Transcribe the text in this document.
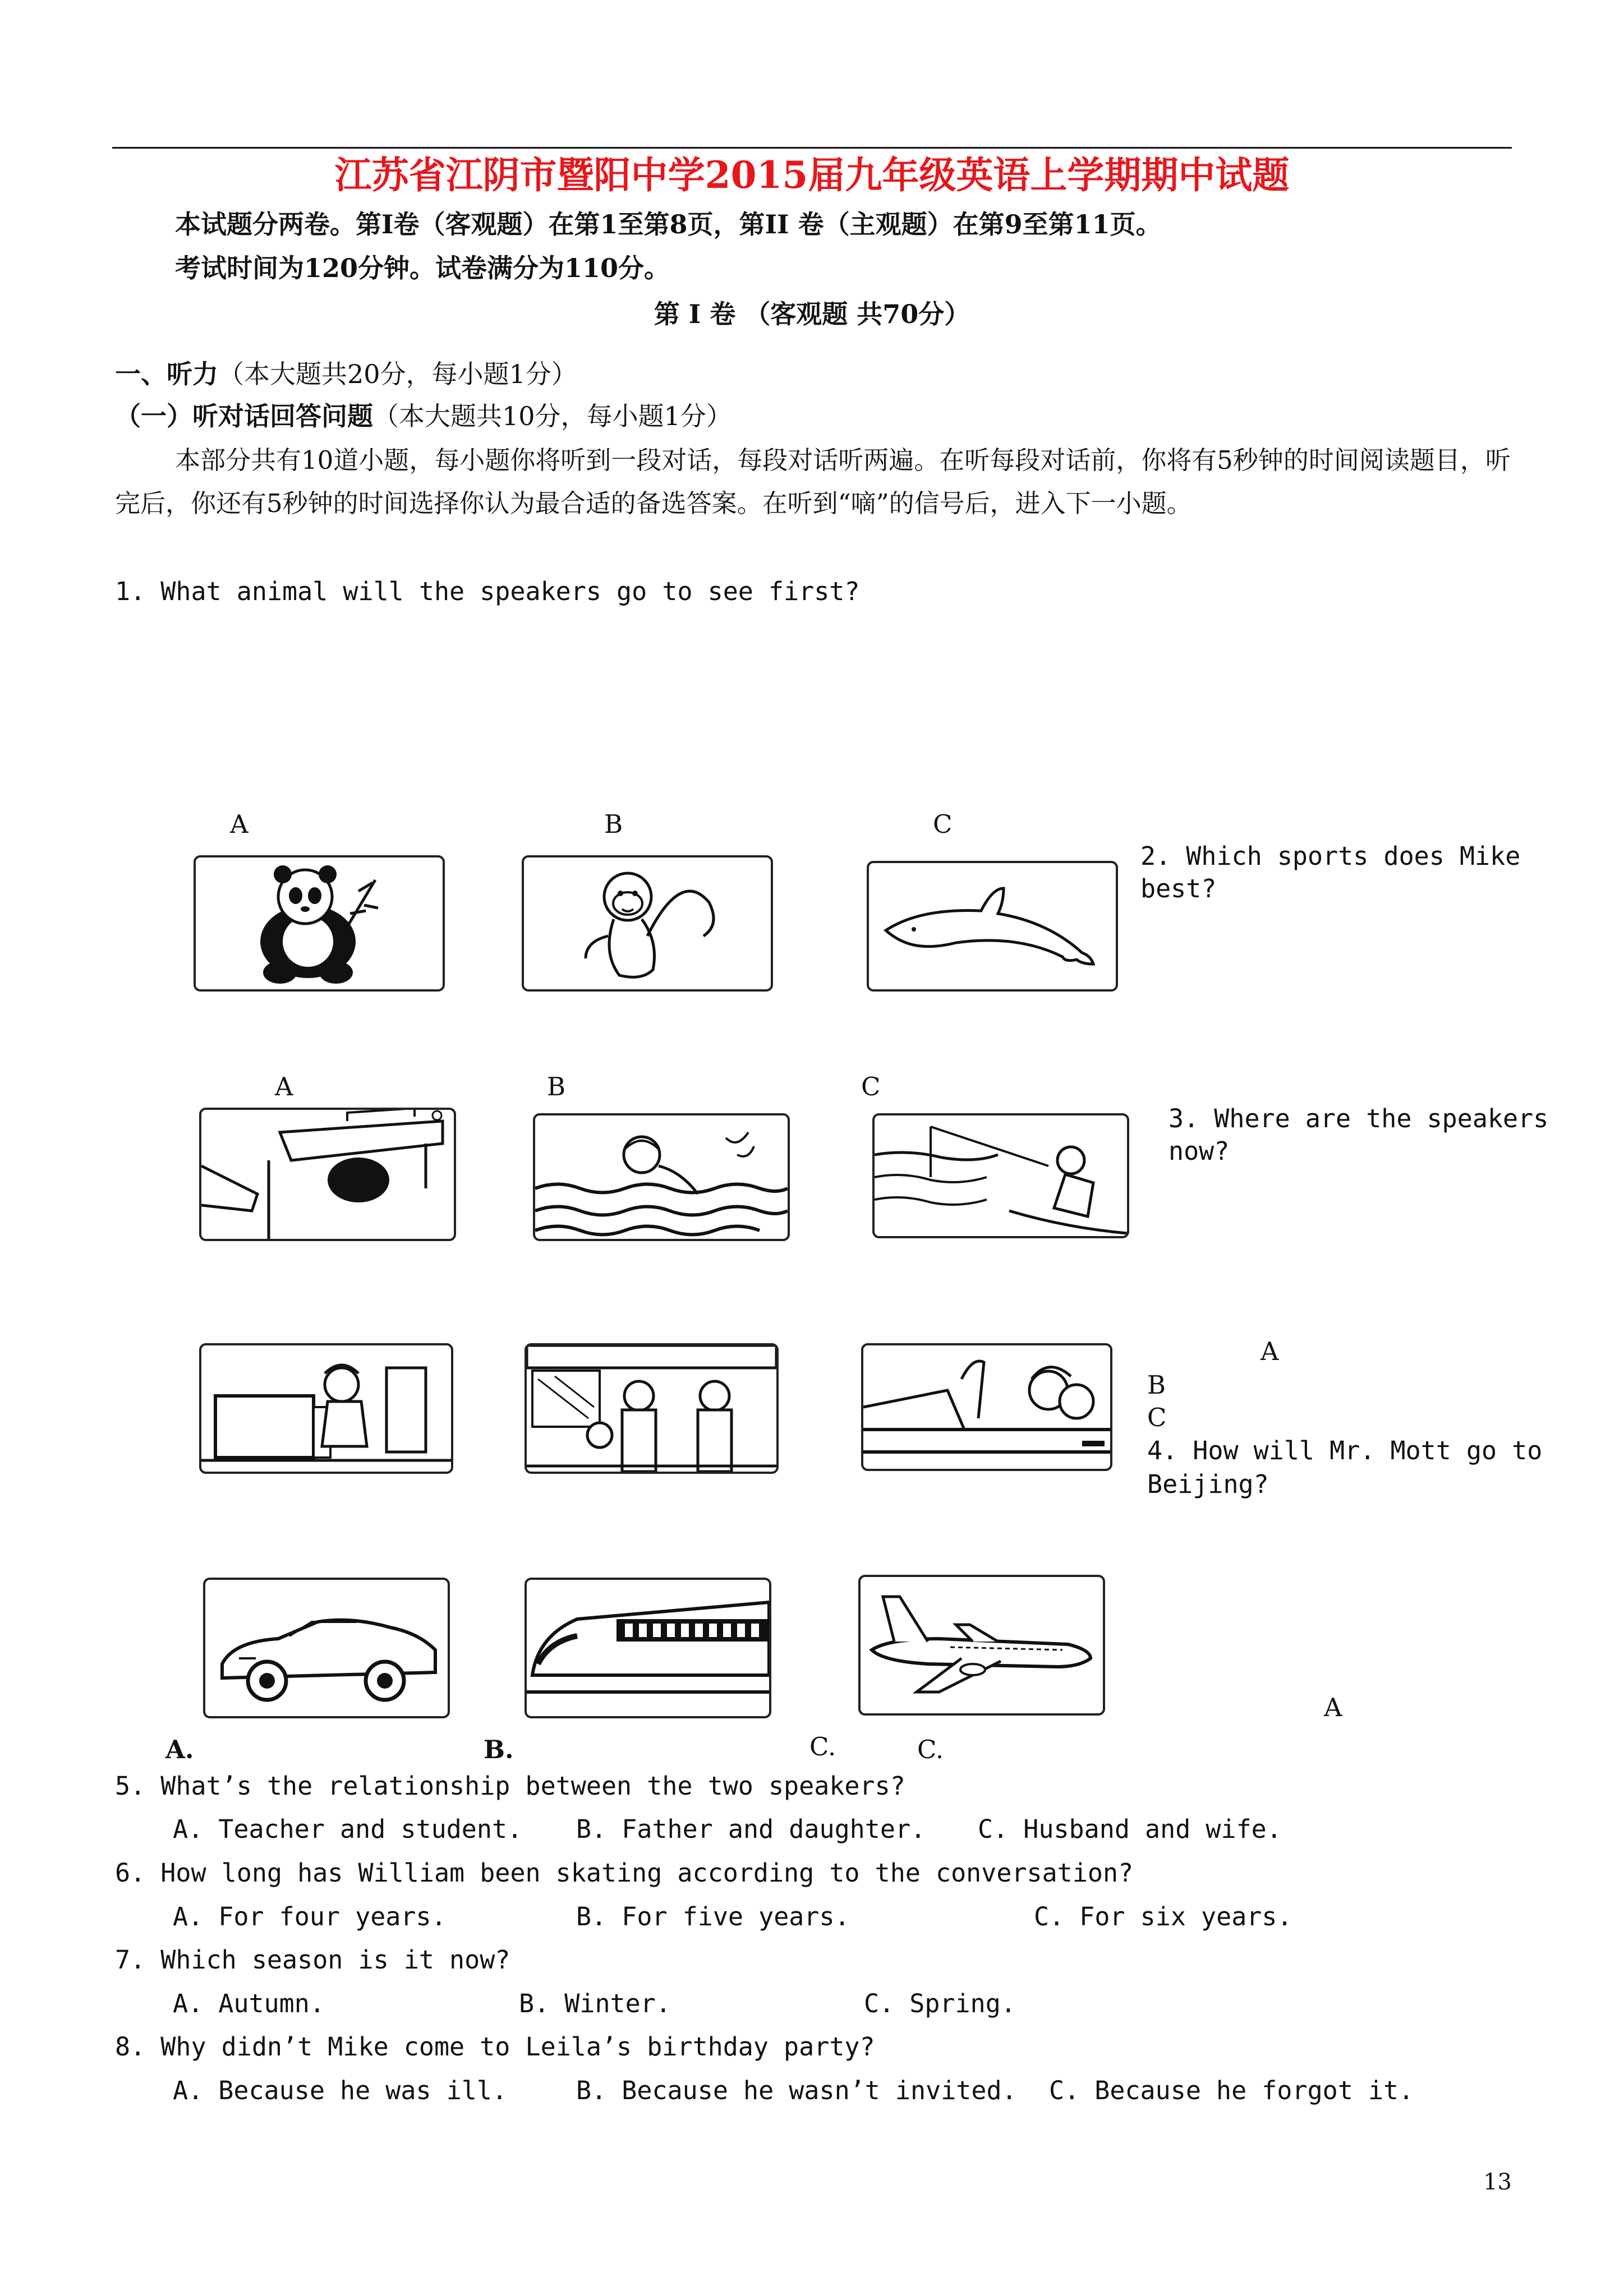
江苏省江阴市暨阳中学2015届九年级英语上学期期中试题
本试题分两卷。第Ⅰ卷（客观题）在第1至第8页，第II 卷（主观题）在第9至第11页。
考试时间为120分钟。试卷满分为110分。
第 Ⅰ 卷 （客观题 共70分）
一、听力（本大题共20分，每小题1分）
（一）听对话回答问题（本大题共10分，每小题1分）
本部分共有10道小题，每小题你将听到一段对话，每段对话听两遍。在听每段对话前，你将有5秒钟的时间阅读题目，听完后，你还有5秒钟的时间选择你认为最合适的备选答案。在听到“嘀”的信号后，进入下一小题。
1. What animal will the speakers go to see first?
A	B	C
2. Which sports does Mike
best?
A	B	C
3. Where are the speakers
now?
A
B
C
4. How will Mr. Mott go to
Beijing?
A
A.	B.	C.	C.
5. What’s the relationship between the two speakers?
A. Teacher and student. B. Father and daughter. C. Husband and wife.
6. How long has William been skating according to the conversation?
A. For four years.	B. For five years.	C. For six years.
7. Which season is it now?
A. Autumn.	B. Winter.	C. Spring.
8. Why didn’t Mike come to Leila’s birthday party?
A. Because he was ill.	B. Because he wasn’t invited. C. Because he forgot it.
13
